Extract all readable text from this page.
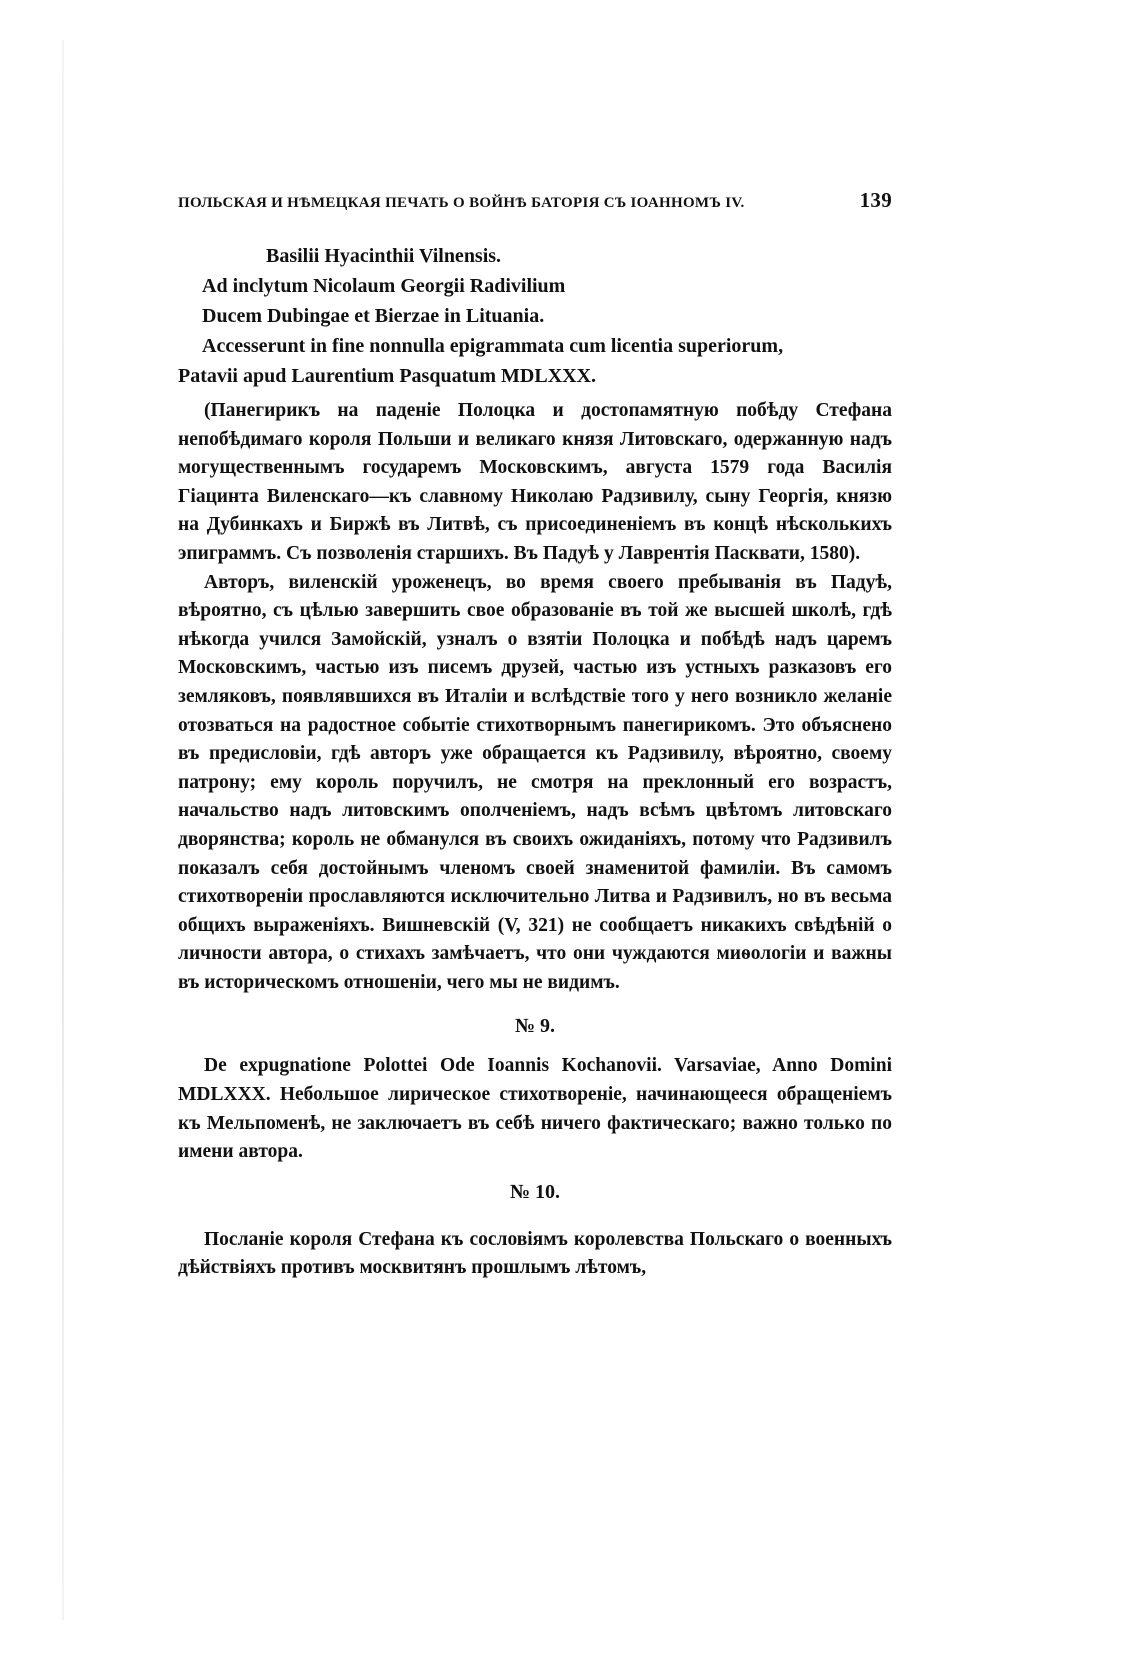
ПОЛЬСКАЯ И НѢМЕЦКАЯ ПЕЧАТЬ О ВОЙНѢ БАТОРІЯ СЪ ІОАННОМЪ IV.	139
Basilii Hyacinthii Vilnensis.
Ad inclytum Nicolaum Georgii Radivilium
Ducem Dubingae et Bierzae in Lituania.
Accesserunt in fine nonnulla epigrammata cum licentia superiorum,
Patavii apud Laurentium Pasquatum MDLXXX.

(Панегирикъ на паденіе Полоцка и достопамятную побѣду Стефана непобѣдимаго короля Польши и великаго князя Литовскаго, одержанную надъ могущественнымъ государемъ Московскимъ, августа 1579 года Василія Гіацинта Виленскаго—къ славному Николаю Радзивилу, сыну Георгія, князю на Дубинкахъ и Биржѣ въ Литвѣ, съ присоединеніемъ въ концѣ нѣсколькихъ эпиграммъ. Съ позволенія старшихъ. Въ Падуѣ у Лаврентія Пасквати, 1580).

Авторъ, виленскій уроженецъ, во время своего пребыванія въ Падуѣ, вѣроятно, съ цѣлью завершить свое образованіе въ той же высшей школѣ, гдѣ нѣкогда учился Замойскій, узналъ о взятіи Полоцка и побѣдѣ надъ царемъ Московскимъ, частью изъ писемъ друзей, частью изъ устныхъ разказовъ его земляковъ, появлявшихся въ Италіи и вслѣдствіе того у него возникло желаніе отозваться на радостное событіе стихотворнымъ панегирикомъ. Это объяснено въ предисловіи, гдѣ авторъ уже обращается къ Радзивилу, вѣроятно, своему патрону; ему король поручилъ, не смотря на преклонный его возрастъ, начальство надъ литовскимъ ополченіемъ, надъ всѣмъ цвѣтомъ литовскаго дворянства; король не обманулся въ своихъ ожиданіяхъ, потому что Радзивилъ показалъ себя достойнымъ членомъ своей знаменитой фамиліи. Въ самомъ стихотвореніи прославляются исключительно Литва и Радзивилъ, но въ весьма общихъ выраженіяхъ. Вишневскій (V, 321) не сообщаетъ никакихъ свѣдѣній о личности автора, о стихахъ замѣчаетъ, что они чуждаются миѳологіи и важны въ историческомъ отношеніи, чего мы не видимъ.

№ 9.

De expugnatione Polottei Ode Ioannis Kochanovii. Varsaviae, Anno Domini MDLXXX. Небольшое лирическое стихотвореніе, начинающееся обращеніемъ къ Мельпоменѣ, не заключаетъ въ себѣ ничего фактическаго; важно только по имени автора.

№ 10.

Посланіе короля Стефана къ сословіямъ королевства Польскаго о военныхъ дѣйствіяхъ противъ москвитянъ прошлымъ лѣтомъ,
